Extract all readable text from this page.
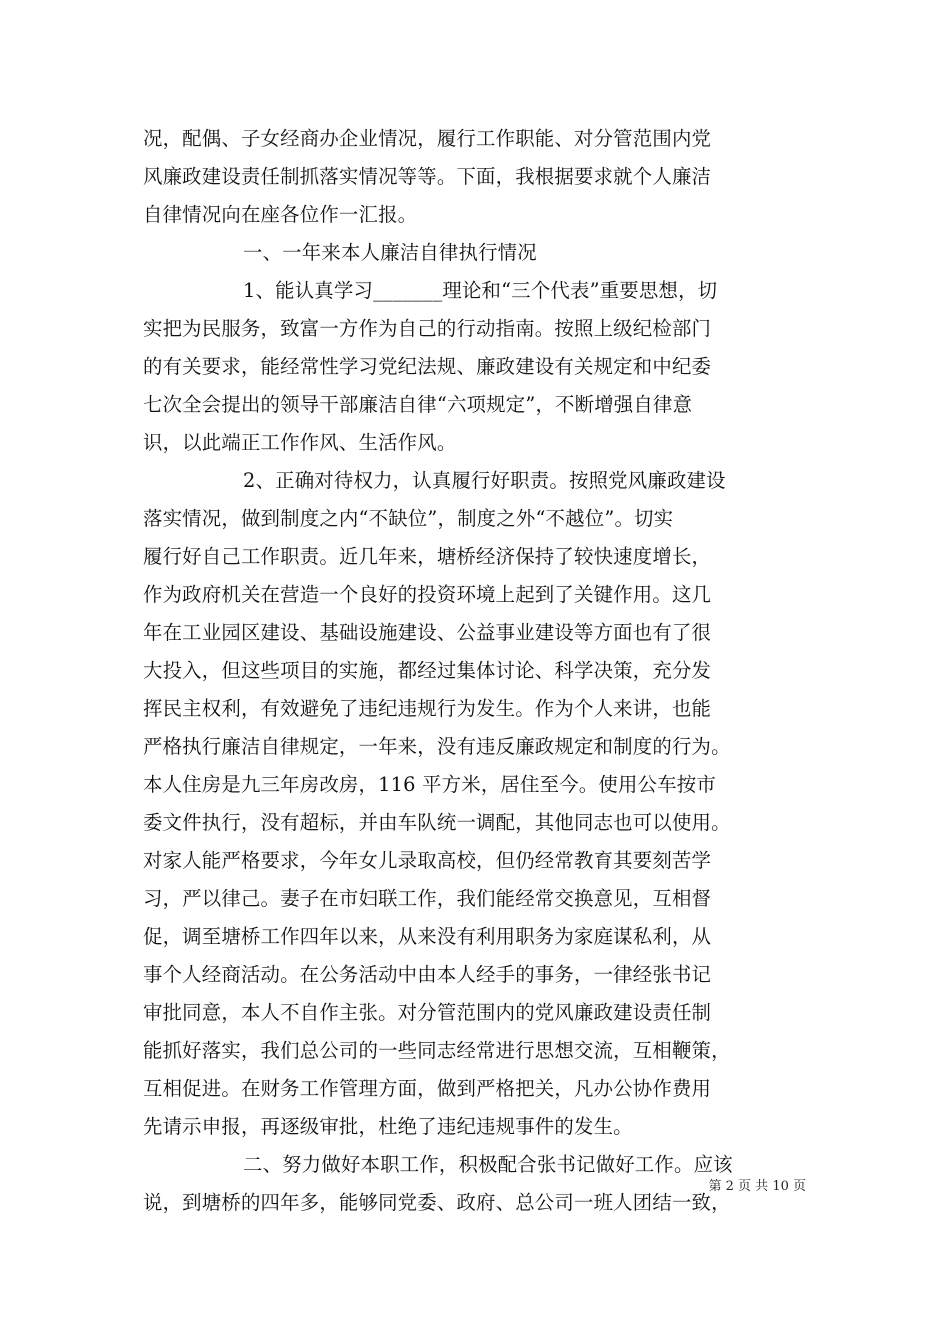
况，配偶、子女经商办企业情况，履行工作职能、对分管范围内党
风廉政建设责任制抓落实情况等等。下面，我根据要求就个人廉洁
自律情况向在座各位作一汇报。
一、一年来本人廉洁自律执行情况
1、能认真学习_______理论和“三个代表”重要思想，切
实把为民服务，致富一方作为自己的行动指南。按照上级纪检部门
的有关要求，能经常性学习党纪法规、廉政建设有关规定和中纪委
七次全会提出的领导干部廉洁自律“六项规定”，不断增强自律意
识，以此端正工作作风、生活作风。
2、正确对待权力，认真履行好职责。按照党风廉政建设
落实情况，做到制度之内“不缺位”，制度之外“不越位”。切实
履行好自己工作职责。近几年来，塘桥经济保持了较快速度增长，
作为政府机关在营造一个良好的投资环境上起到了关键作用。这几
年在工业园区建设、基础设施建设、公益事业建设等方面也有了很
大投入，但这些项目的实施，都经过集体讨论、科学决策，充分发
挥民主权利，有效避免了违纪违规行为发生。作为个人来讲，也能
严格执行廉洁自律规定，一年来，没有违反廉政规定和制度的行为。
本人住房是九三年房改房，116 平方米，居住至今。使用公车按市
委文件执行，没有超标，并由车队统一调配，其他同志也可以使用。
对家人能严格要求，今年女儿录取高校，但仍经常教育其要刻苦学
习，严以律己。妻子在市妇联工作，我们能经常交换意见，互相督
促，调至塘桥工作四年以来，从来没有利用职务为家庭谋私利，从
事个人经商活动。在公务活动中由本人经手的事务，一律经张书记
审批同意，本人不自作主张。对分管范围内的党风廉政建设责任制
能抓好落实，我们总公司的一些同志经常进行思想交流，互相鞭策，
互相促进。在财务工作管理方面，做到严格把关，凡办公协作费用
先请示申报，再逐级审批，杜绝了违纪违规事件的发生。
二、努力做好本职工作，积极配合张书记做好工作。应该
说，到塘桥的四年多，能够同党委、政府、总公司一班人团结一致，
第 2 页 共 10 页
